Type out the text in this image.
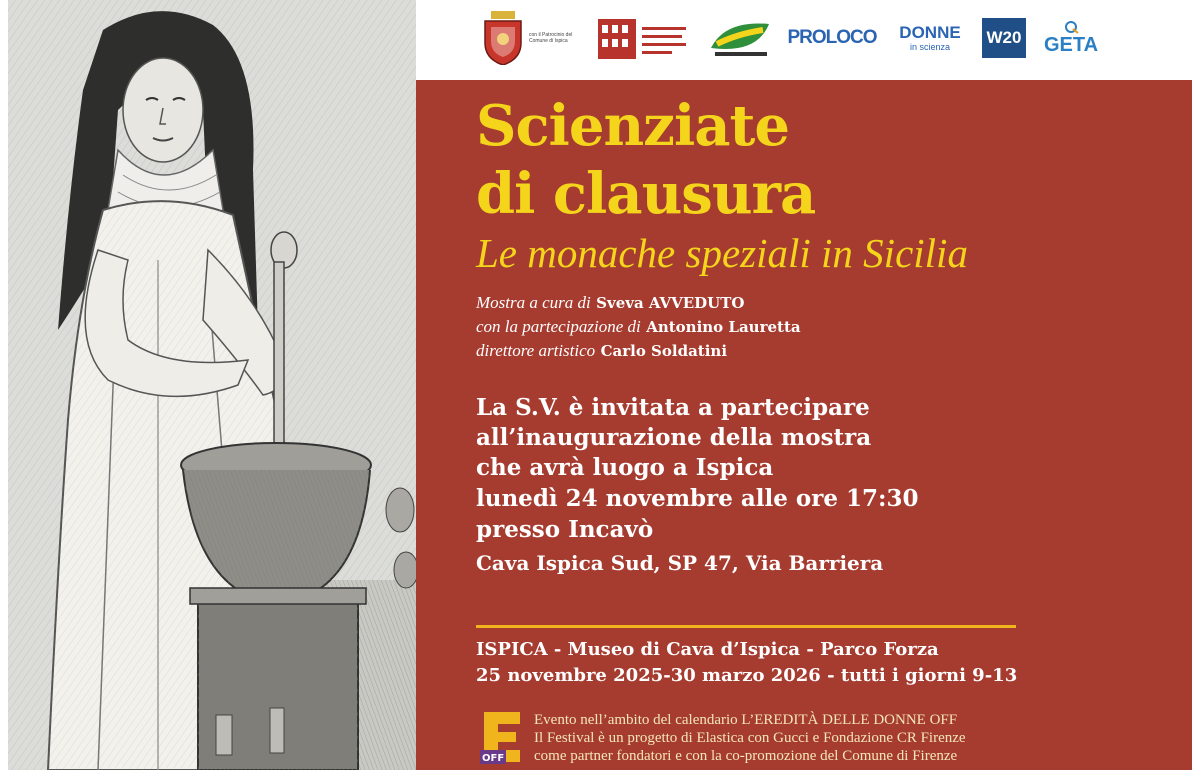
con il Patrocinio del Comune di Ispica	PROLOCO DONNE
in scienza W20 GETA
Scienziate
di clausura
Le monache speziali in Sicilia
Mostra a cura di Sveva AVVEDUTO
con la partecipazione di Antonino Lauretta
direttore artistico Carlo Soldatini
La S.V. è invitata a partecipare
all’inaugurazione della mostra
che avrà luogo a Ispica
lunedì 24 novembre alle ore 17:30
presso Incavò
Cava Ispica Sud, SP 47, Via Barriera
ISPICA - Museo di Cava d’Ispica - Parco Forza
25 novembre 2025-30 marzo 2026 - tutti i giorni 9-13
OFF
Evento nell’ambito del calendario L’EREDITÀ DELLE DONNE OFF
Il Festival è un progetto di Elastica con Gucci e Fondazione CR Firenze
come partner fondatori e con la co-promozione del Comune di Firenze
